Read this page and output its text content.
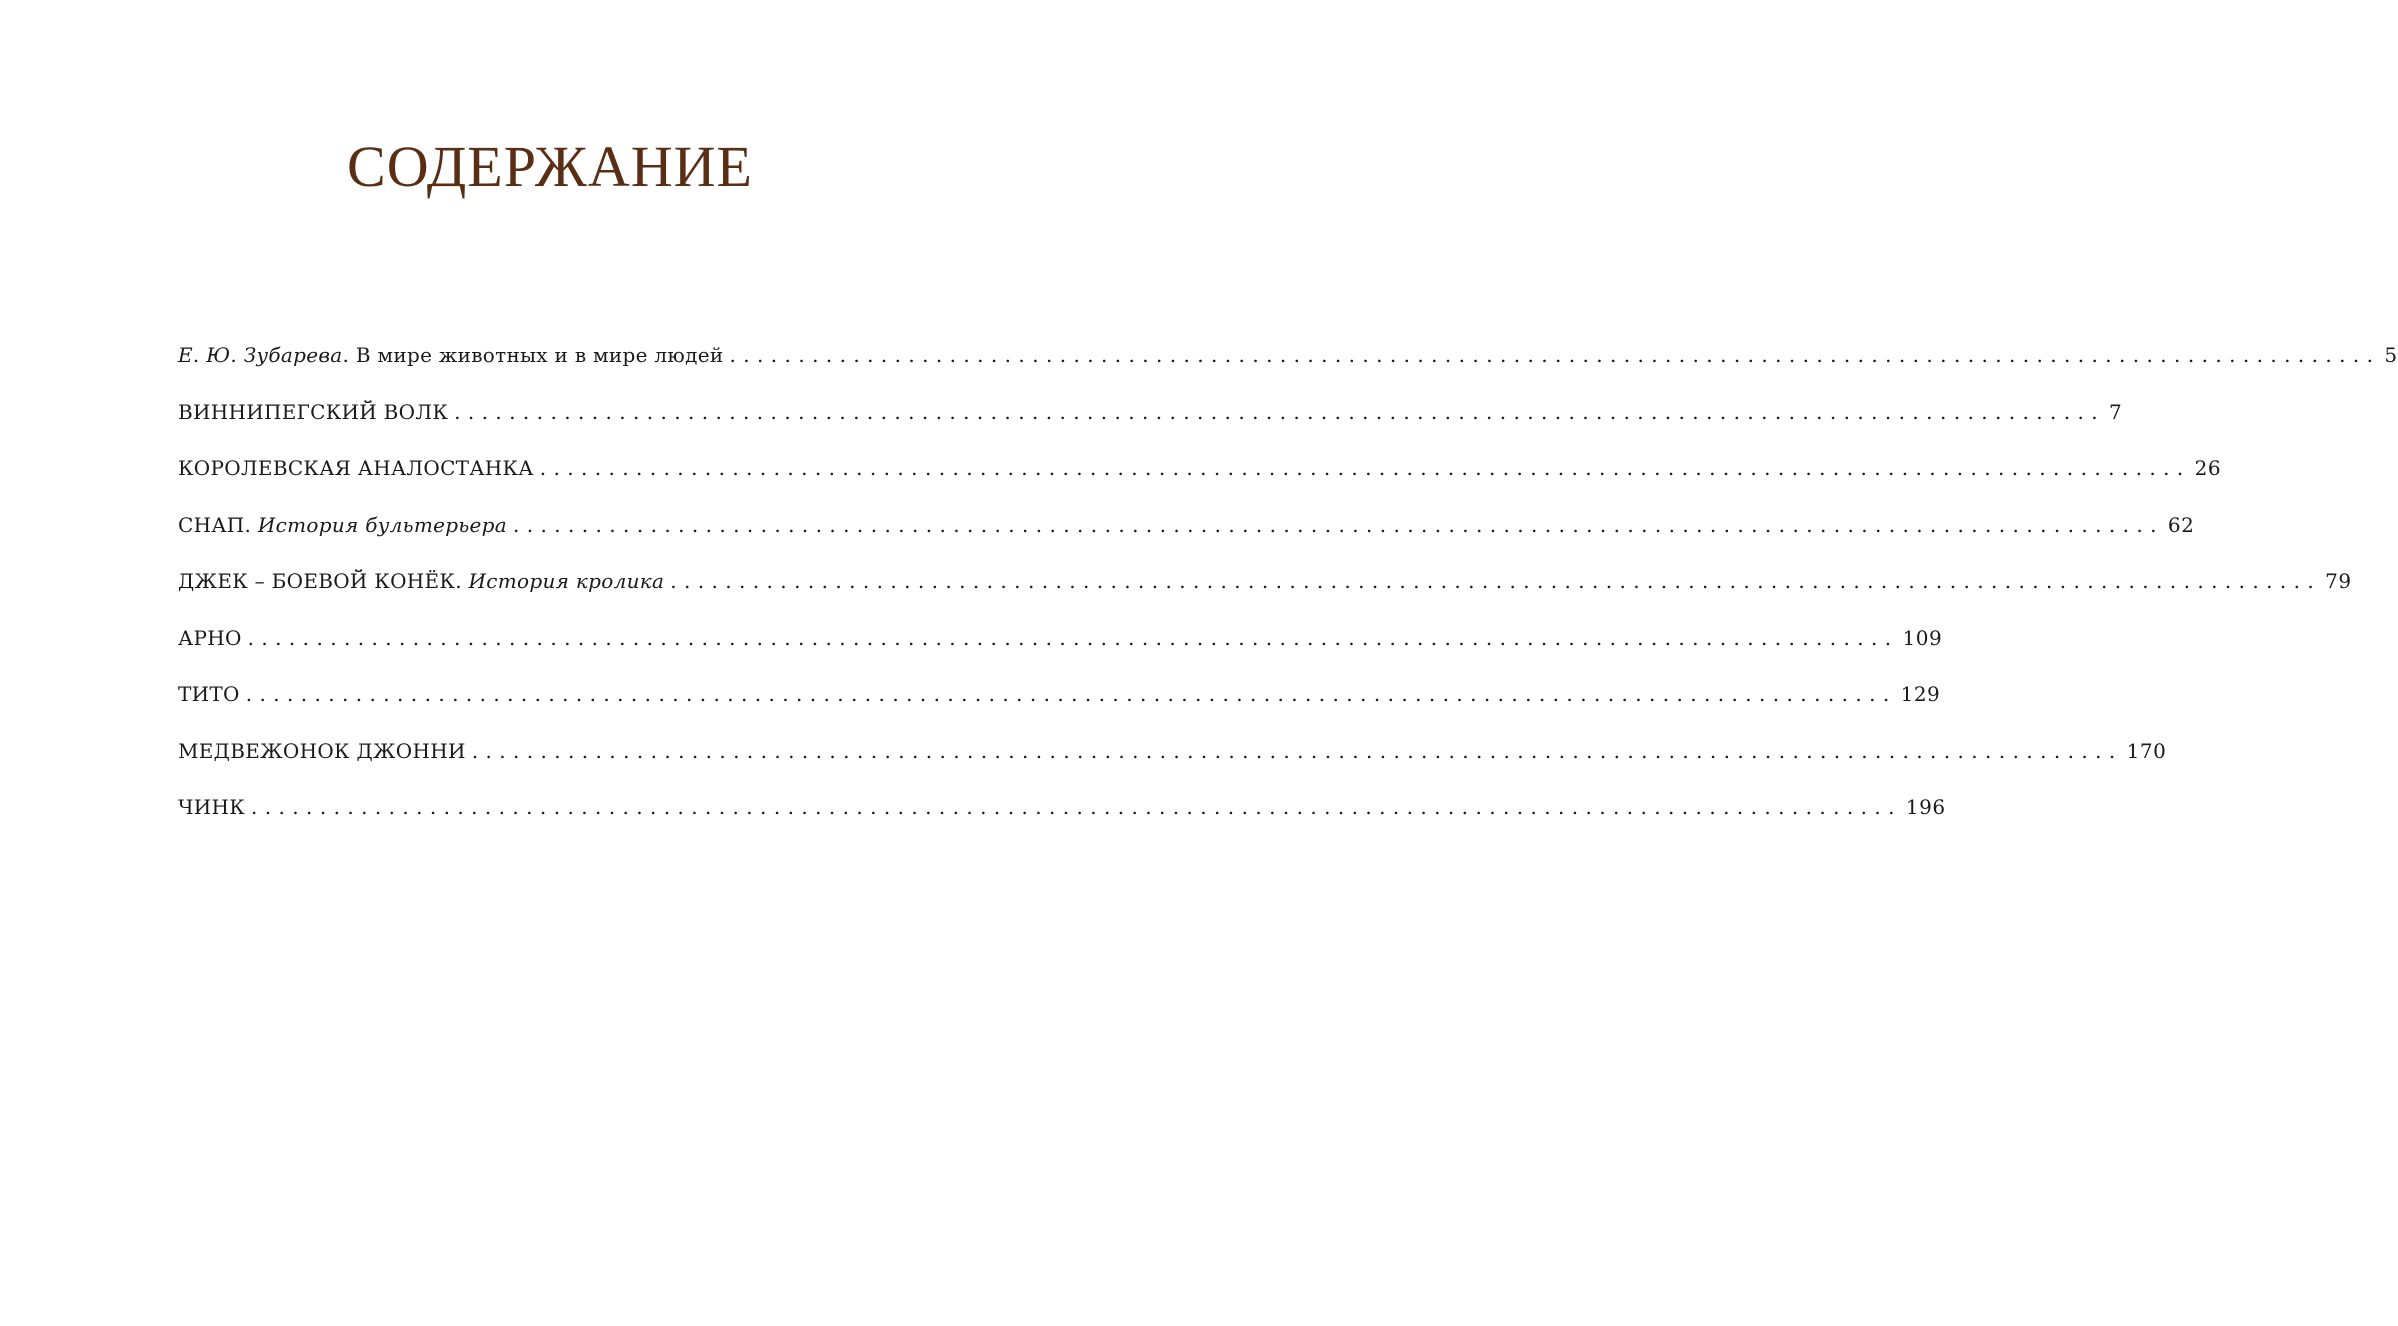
СОДЕРЖАНИЕ
Е. Ю. Зубарева. В мире животных и в мире людей ........................................................................................................................ 5
ВИННИПЕГСКИЙ ВОЛК ........................................................................................................................ 7
КОРОЛЕВСКАЯ АНАЛОСТАНКА ........................................................................................................................ 26
СНАП. История бультерьера ........................................................................................................................ 62
ДЖЕК – БОЕВОЙ КОНЁК. История кролика ........................................................................................................................ 79
АРНО ........................................................................................................................ 109
ТИТО ........................................................................................................................ 129
МЕДВЕЖОНОК ДЖОННИ ........................................................................................................................ 170
ЧИНК ........................................................................................................................ 196
